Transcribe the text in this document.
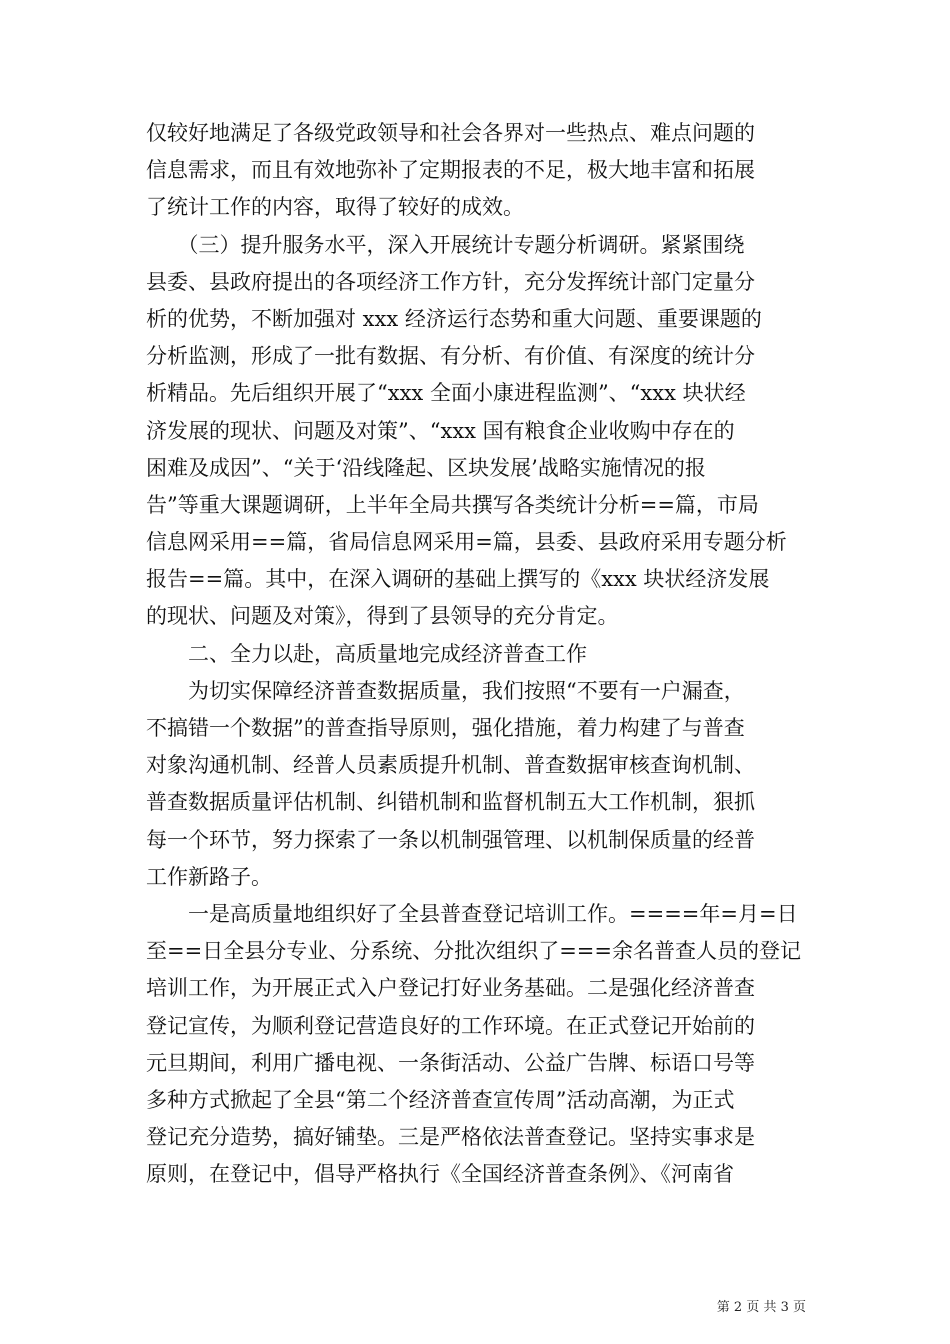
仅较好地满足了各级党政领导和社会各界对一些热点、难点问题的
信息需求，而且有效地弥补了定期报表的不足，极大地丰富和拓展
了统计工作的内容，取得了较好的成效。
　　（三）提升服务水平，深入开展统计专题分析调研。紧紧围绕
县委、县政府提出的各项经济工作方针，充分发挥统计部门定量分
析的优势，不断加强对 xxx 经济运行态势和重大问题、重要课题的
分析监测，形成了一批有数据、有分析、有价值、有深度的统计分
析精品。先后组织开展了“xxx 全面小康进程监测”、“xxx 块状经
济发展的现状、问题及对策”、“xxx 国有粮食企业收购中存在的
困难及成因”、“关于‘沿线隆起、区块发展’战略实施情况的报
告”等重大课题调研，上半年全局共撰写各类统计分析==篇，市局
信息网采用==篇，省局信息网采用=篇，县委、县政府采用专题分析
报告==篇。其中，在深入调研的基础上撰写的《xxx 块状经济发展
的现状、问题及对策》，得到了县领导的充分肯定。
　　二、全力以赴，高质量地完成经济普查工作
　　为切实保障经济普查数据质量，我们按照“不要有一户漏查，
不搞错一个数据”的普查指导原则，强化措施，着力构建了与普查
对象沟通机制、经普人员素质提升机制、普查数据审核查询机制、
普查数据质量评估机制、纠错机制和监督机制五大工作机制，狠抓
每一个环节，努力探索了一条以机制强管理、以机制保质量的经普
工作新路子。
　　一是高质量地组织好了全县普查登记培训工作。====年=月=日
至==日全县分专业、分系统、分批次组织了===余名普查人员的登记
培训工作，为开展正式入户登记打好业务基础。二是强化经济普查
登记宣传，为顺利登记营造良好的工作环境。在正式登记开始前的
元旦期间，利用广播电视、一条街活动、公益广告牌、标语口号等
多种方式掀起了全县“第二个经济普查宣传周”活动高潮，为正式
登记充分造势，搞好铺垫。三是严格依法普查登记。坚持实事求是
原则，在登记中，倡导严格执行《全国经济普查条例》、《河南省
第 2 页 共 3 页
